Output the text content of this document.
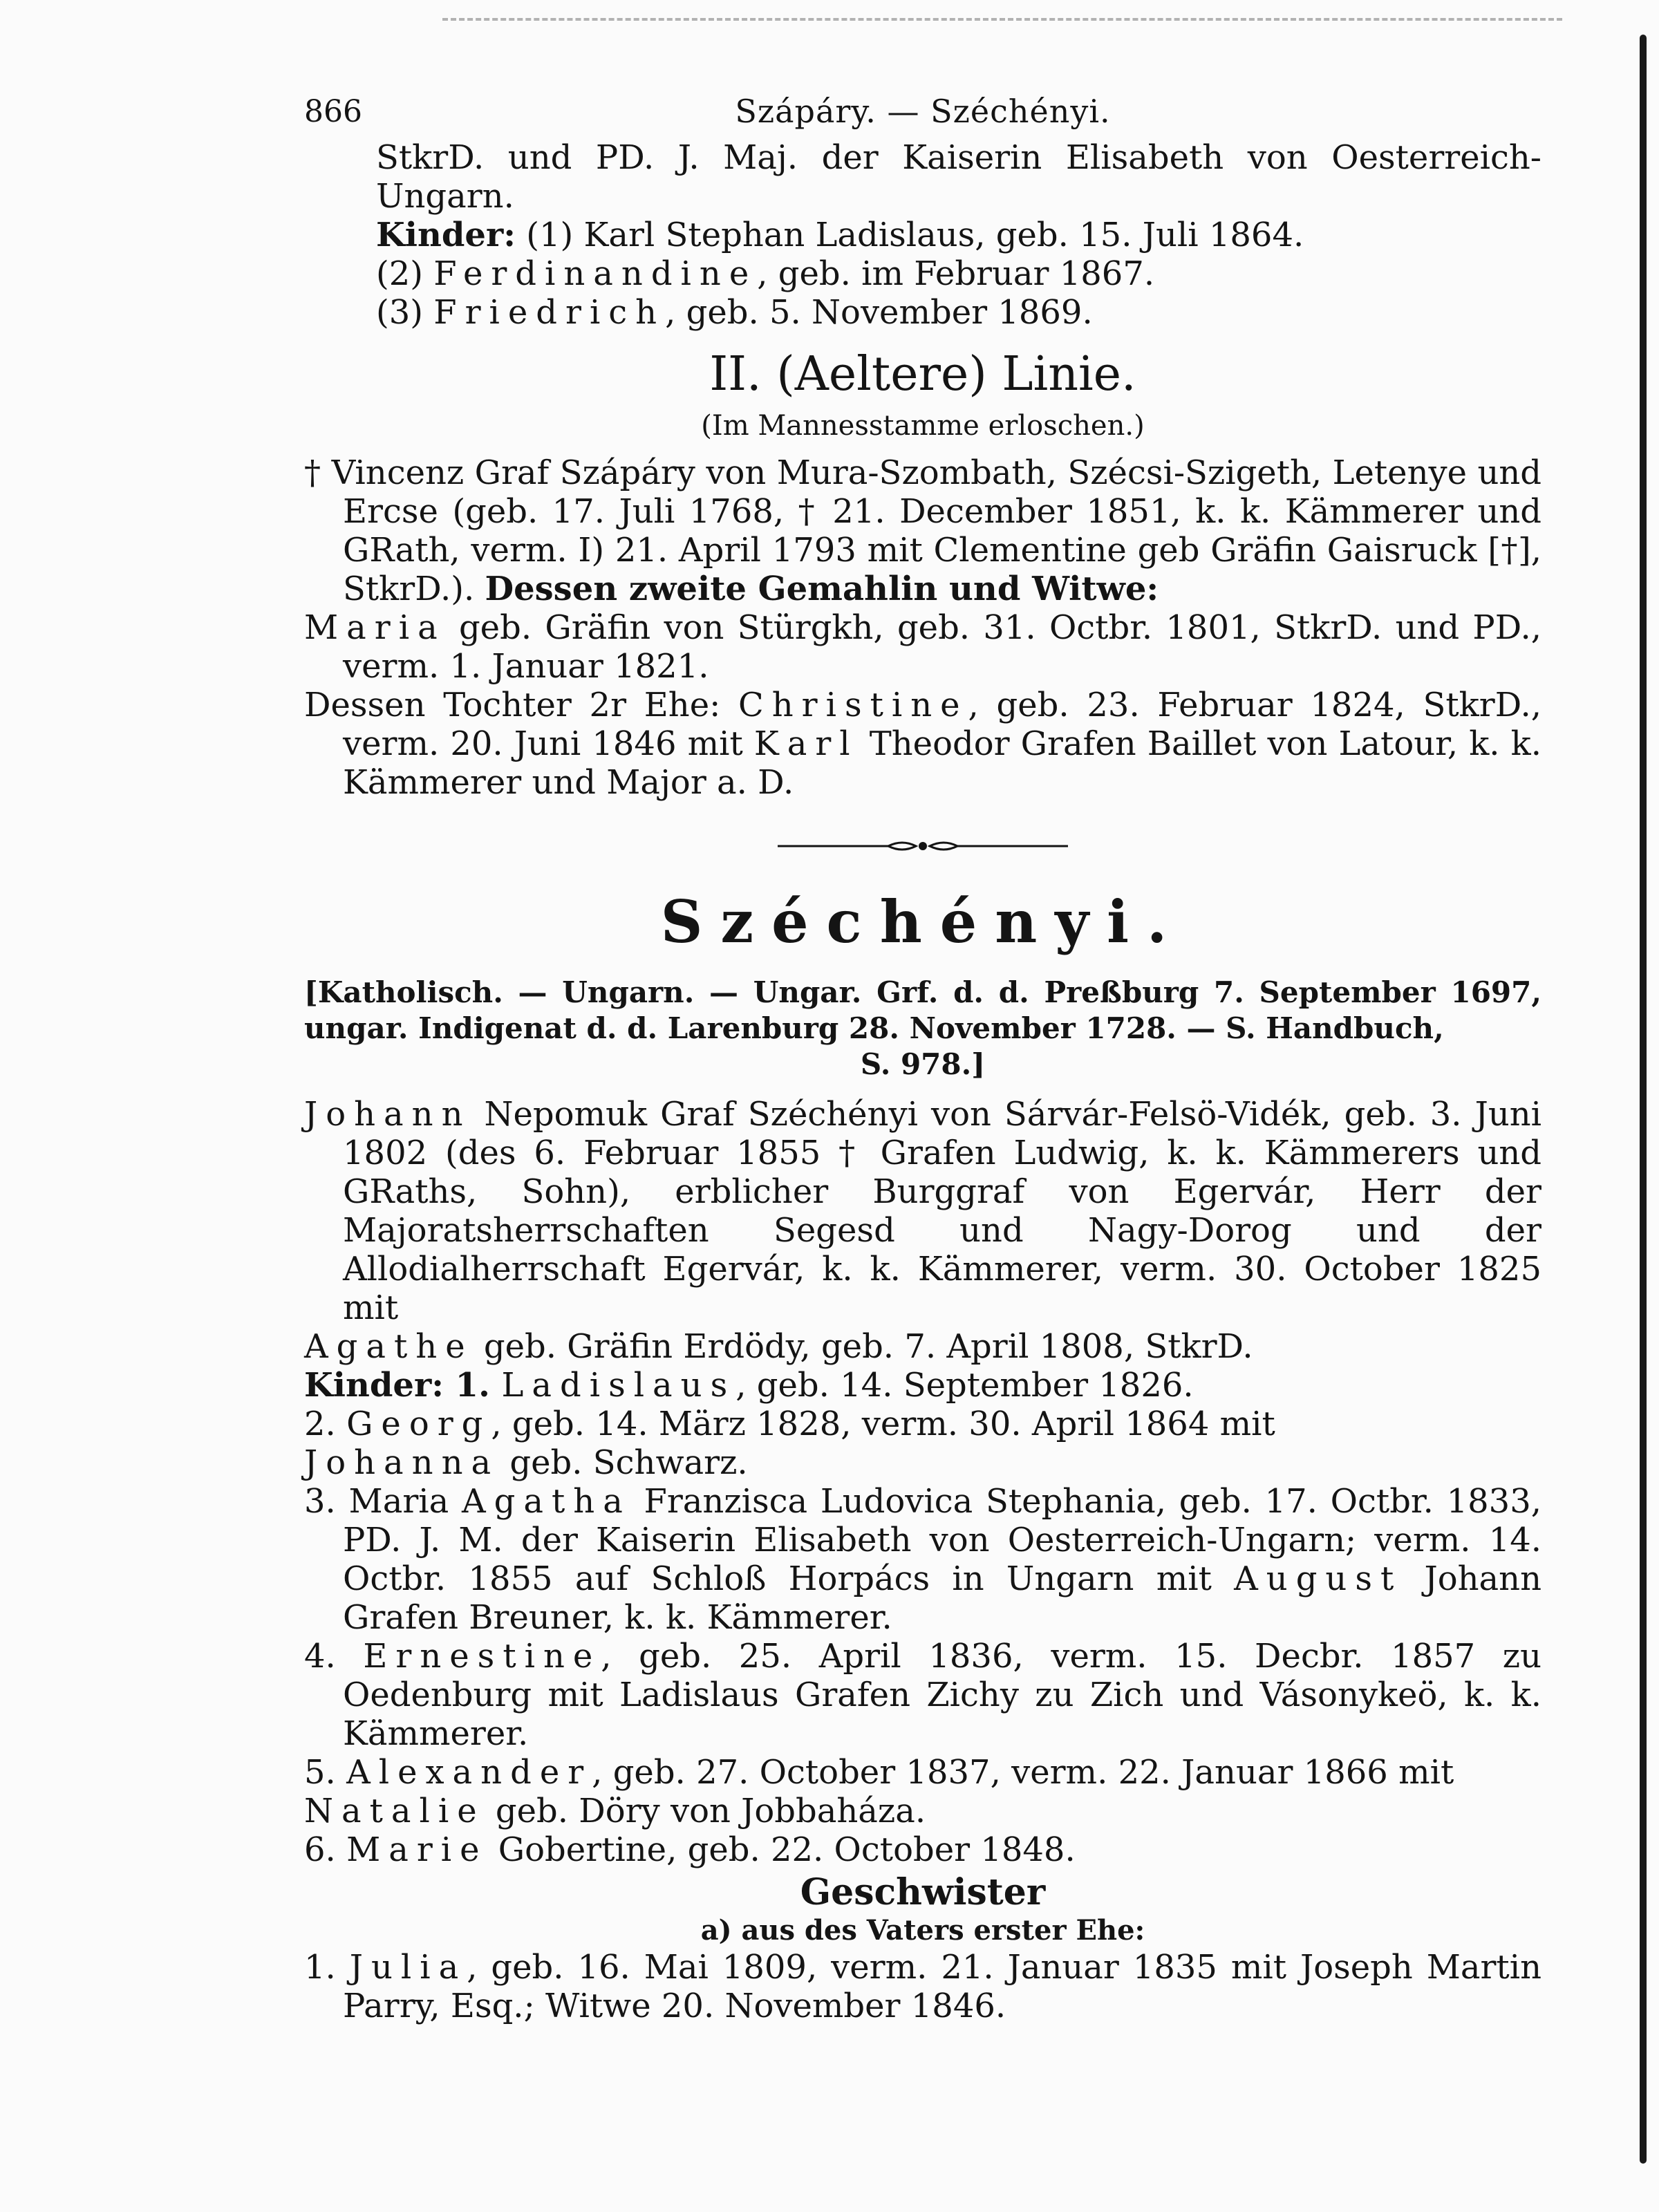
866	Szápáry. — Széchényi.

StkrD. und PD. J. Maj. der Kaiserin Elisabeth von Oesterreich-Ungarn.

Kinder: (1) Karl Stephan Ladislaus, geb. 15. Juli 1864.

(2) Ferdinandine, geb. im Februar 1867.

(3) Friedrich, geb. 5. November 1869.

II. (Aeltere) Linie.
(Im Mannesstamme erloschen.)

† Vincenz Graf Szápáry von Mura-Szombath, Szécsi-Szigeth, Letenye und Ercse (geb. 17. Juli 1768, † 21. December 1851, k. k. Kämmerer und GRath, verm. I) 21. April 1793 mit Clementine geb Gräfin Gaisruck [†], StkrD.). Dessen zweite Gemahlin und Witwe:

Maria geb. Gräfin von Stürgkh, geb. 31. Octbr. 1801, StkrD. und PD., verm. 1. Januar 1821.

Dessen Tochter 2r Ehe: Christine, geb. 23. Februar 1824, StkrD., verm. 20. Juni 1846 mit Karl Theodor Grafen Baillet von Latour, k. k. Kämmerer und Major a. D.

Széchényi.
[Katholisch. — Ungarn. — Ungar. Grf. d. d. Preßburg 7. September 1697, ungar. Indigenat d. d. Larenburg 28. November 1728. — S. Handbuch,
S. 978.]

Johann Nepomuk Graf Széchényi von Sárvár-Felsö-Vidék, geb. 3. Juni 1802 (des 6. Februar 1855 † Grafen Ludwig, k. k. Kämmerers und GRaths, Sohn), erblicher Burggraf von Egervár, Herr der Majoratsherrschaften Segesd und Nagy-Dorog und der Allodialherrschaft Egervár, k. k. Kämmerer, verm. 30. October 1825 mit

Agathe geb. Gräfin Erdödy, geb. 7. April 1808, StkrD.

Kinder: 1. Ladislaus, geb. 14. September 1826.

2. Georg, geb. 14. März 1828, verm. 30. April 1864 mit

Johanna geb. Schwarz.

3. Maria Agatha Franzisca Ludovica Stephania, geb. 17. Octbr. 1833, PD. J. M. der Kaiserin Elisabeth von Oesterreich-Ungarn; verm. 14. Octbr. 1855 auf Schloß Horpács in Ungarn mit August Johann Grafen Breuner, k. k. Kämmerer.

4. Ernestine, geb. 25. April 1836, verm. 15. Decbr. 1857 zu Oedenburg mit Ladislaus Grafen Zichy zu Zich und Vásonykeö, k. k. Kämmerer.

5. Alexander, geb. 27. October 1837, verm. 22. Januar 1866 mit

Natalie geb. Döry von Jobbaháza.

6. Marie Gobertine, geb. 22. October 1848.

Geschwister
a) aus des Vaters erster Ehe:

1. Julia, geb. 16. Mai 1809, verm. 21. Januar 1835 mit Joseph Martin Parry, Esq.; Witwe 20. November 1846.
